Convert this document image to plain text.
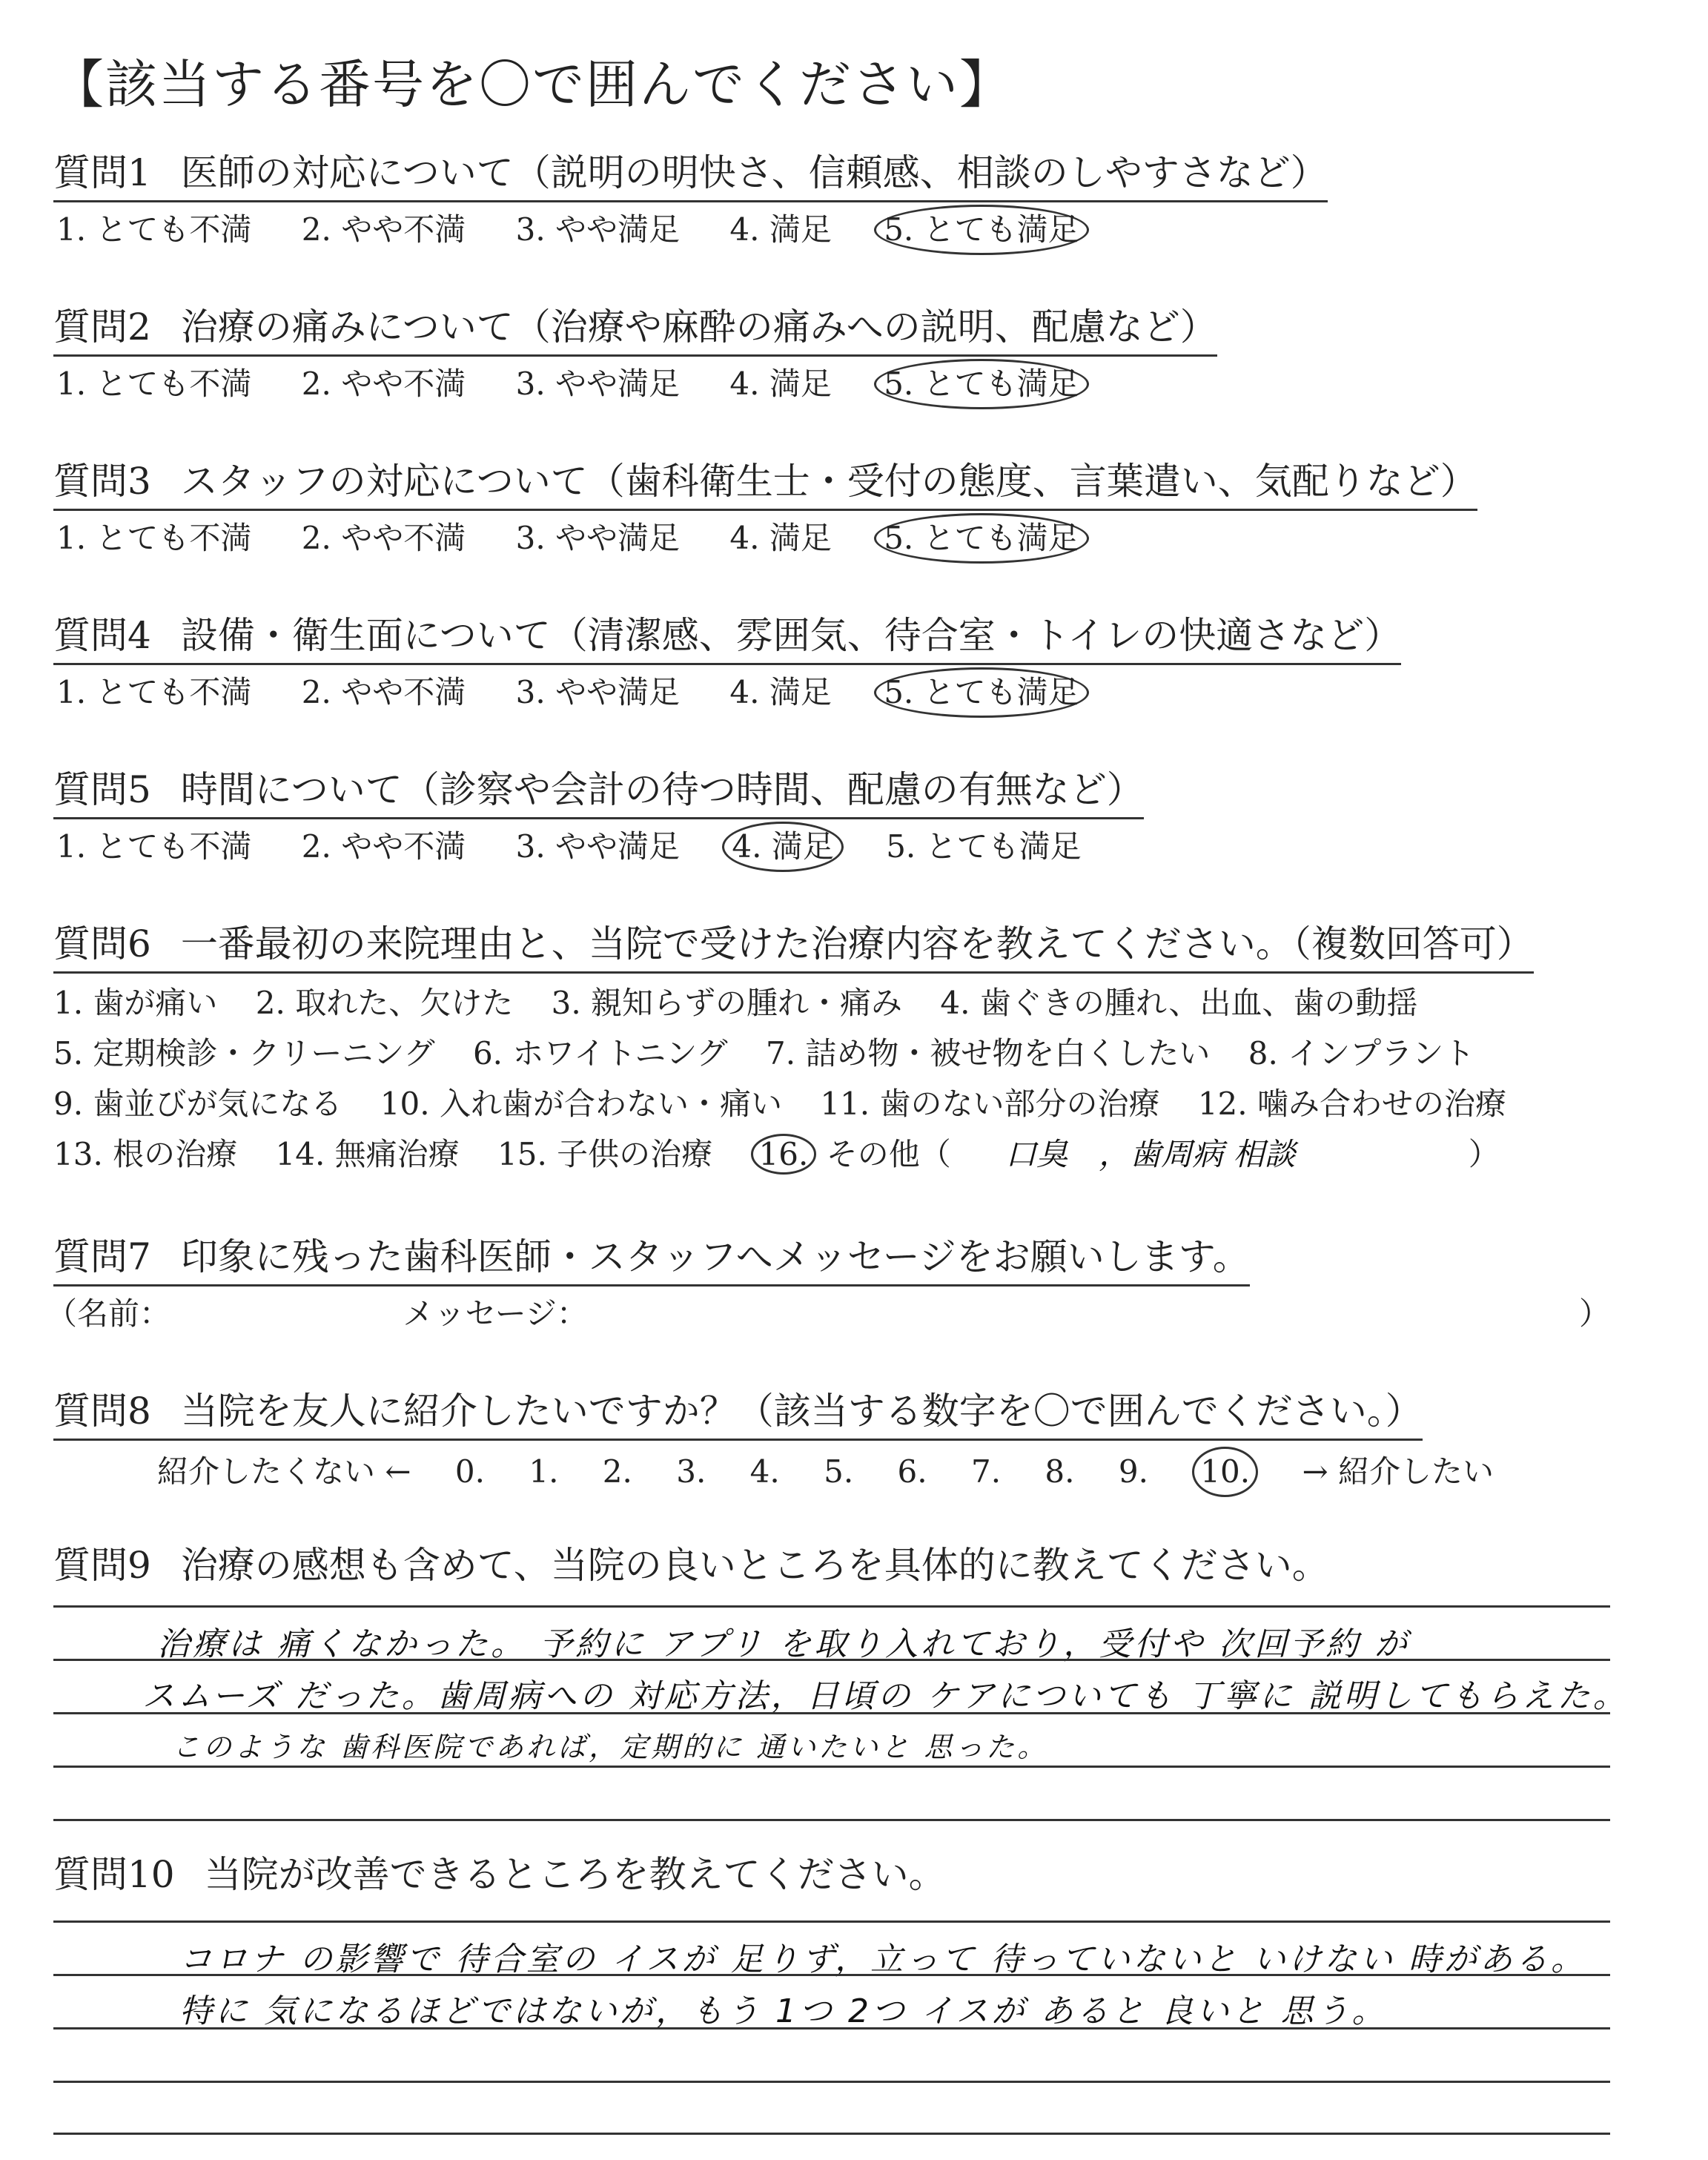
【該当する番号を〇で囲んでください】
質問1 医師の対応について（説明の明快さ、信頼感、相談のしやすさなど）
1. とても不満 2. やや不満 3. やや満足 4. 満足 5. とても満足
質問2 治療の痛みについて（治療や麻酔の痛みへの説明、配慮など）
1. とても不満 2. やや不満 3. やや満足 4. 満足 5. とても満足
質問3 スタッフの対応について（歯科衛生士・受付の態度、言葉遣い、気配りなど）
1. とても不満 2. やや不満 3. やや満足 4. 満足 5. とても満足
質問4 設備・衛生面について（清潔感、雰囲気、待合室・トイレの快適さなど）
1. とても不満 2. やや不満 3. やや満足 4. 満足 5. とても満足
質問5 時間について（診察や会計の待つ時間、配慮の有無など）
1. とても不満 2. やや不満 3. やや満足 4. 満足 5. とても満足
質問6 一番最初の来院理由と、当院で受けた治療内容を教えてください。（複数回答可）
1. 歯が痛い 2. 取れた、欠けた 3. 親知らずの腫れ・痛み 4. 歯ぐきの腫れ、出血、歯の動揺
5. 定期検診・クリーニング 6. ホワイトニング 7. 詰め物・被せ物を白くしたい 8. インプラント
9. 歯並びが気になる 10. 入れ歯が合わない・痛い 11. 歯のない部分の治療 12. 噛み合わせの治療
13. 根の治療 14. 無痛治療 15. 子供の治療 16. その他（ 口臭　，歯周病 相談	）
質問7 印象に残った歯科医師・スタッフへメッセージをお願いします。
（名前：	メッセージ：	）
質問8 当院を友人に紹介したいですか？（該当する数字を〇で囲んでください。）
紹介したくない ← 0. 1. 2. 3. 4. 5. 6. 7. 8. 9. 10. → 紹介したい
質問9 治療の感想も含めて、当院の良いところを具体的に教えてください。
治療は 痛くなかった。 予約に アプリ を取り入れており，受付や 次回予約 が
スムーズ だった。歯周病への 対応方法，日頃の ケアについても 丁寧に 説明してもらえた。
このような 歯科医院であれば，定期的に 通いたいと 思った。
質問10 当院が改善できるところを教えてください。
コロナ の影響で 待合室の イスが 足りず，立って 待っていないと いけない 時がある。
特に 気になるほどではないが，もう 1つ 2つ イスが あると 良いと 思う。
